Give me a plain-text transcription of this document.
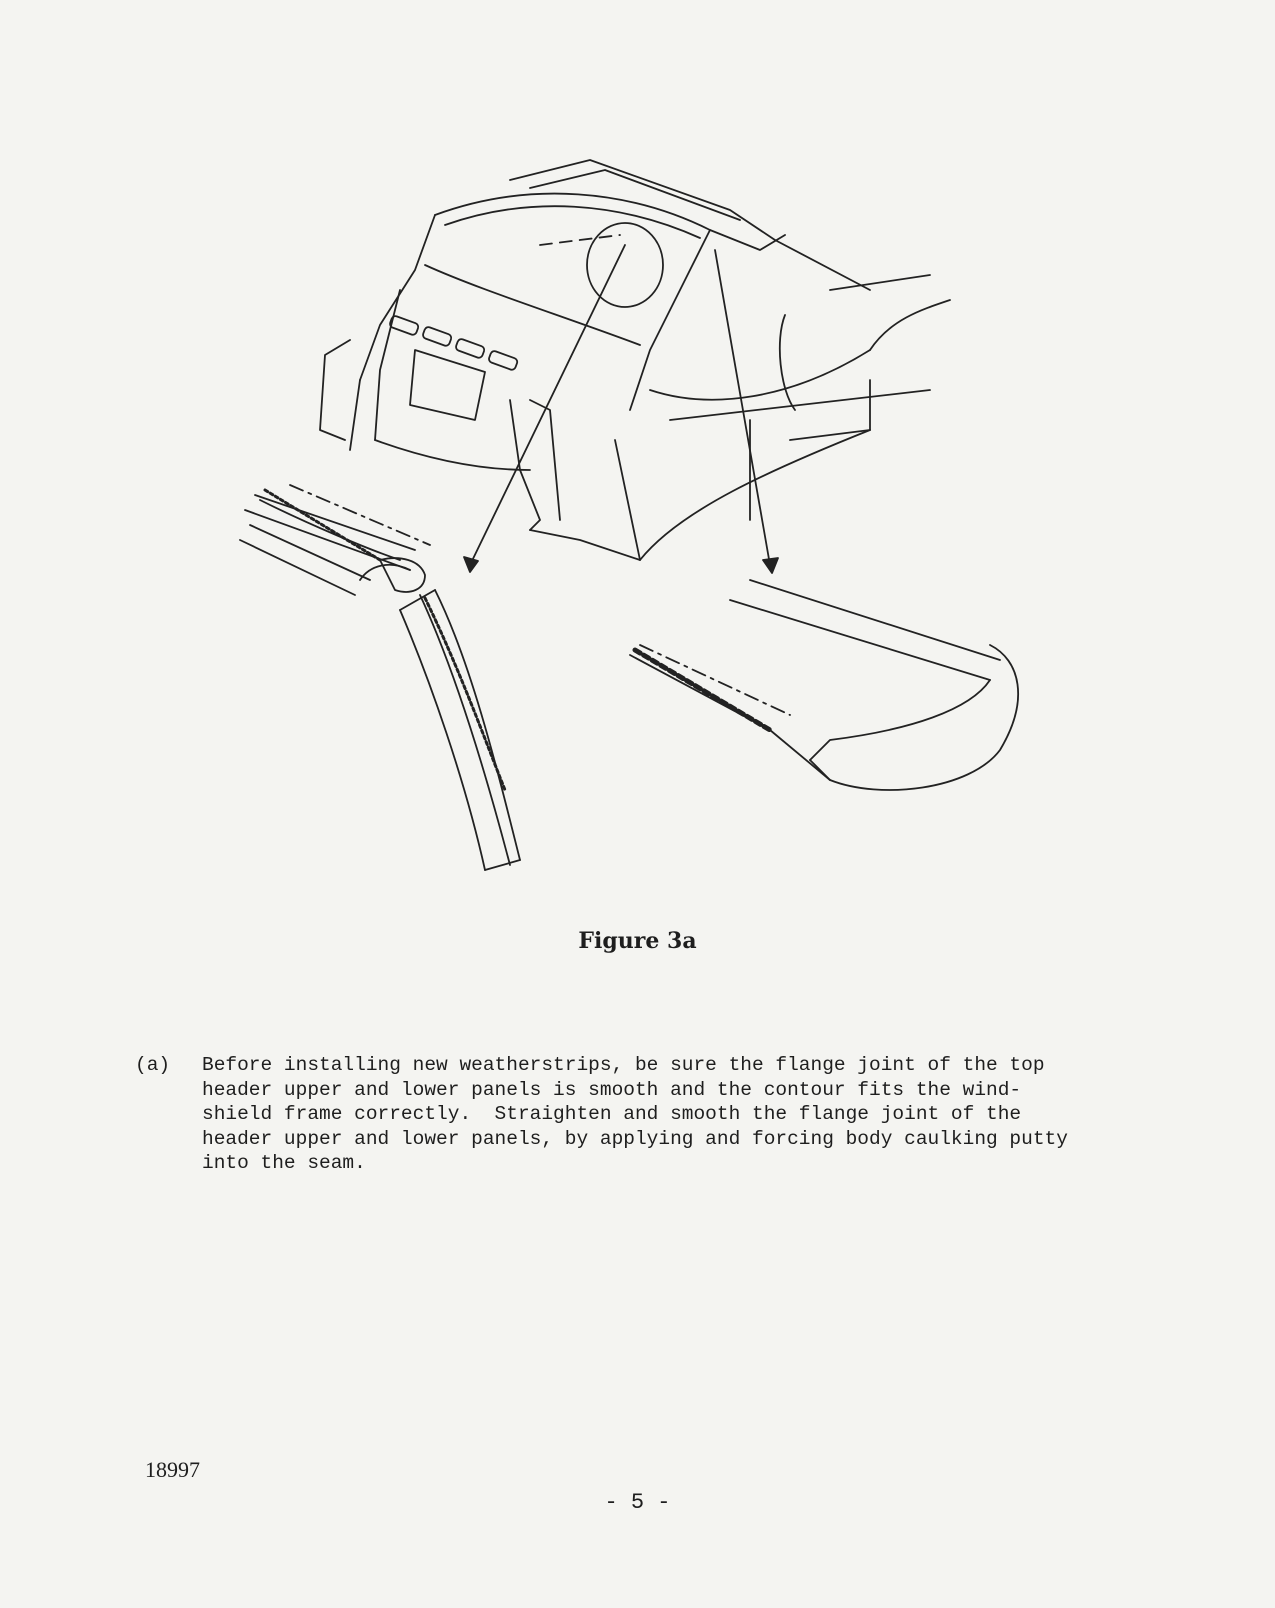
Figure 3a
(a) Before installing new weatherstrips, be sure the flange joint of the top
header upper and lower panels is smooth and the contour fits the wind-
shield frame correctly.  Straighten and smooth the flange joint of the
header upper and lower panels, by applying and forcing body caulking putty
into the seam.
18997
- 5 -
